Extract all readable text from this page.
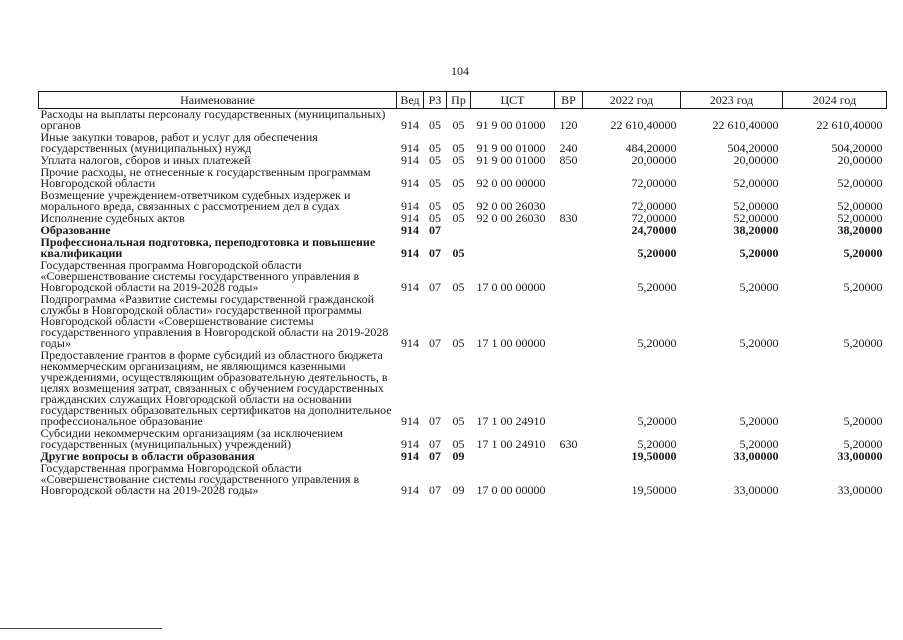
104
Наименование	Вед	РЗ	Пр	ЦСТ	ВР	2022 год	2023 год	2024 год
Расходы на выплаты персоналу государственных (муниципальных) органов	914	05	05	91 9 00 01000	120	22 610,40000	22 610,40000	22 610,40000
Иные закупки товаров, работ и услуг для обеспечения государственных (муниципальных) нужд	914	05	05	91 9 00 01000	240	484,20000	504,20000	504,20000
Уплата налогов, сборов и иных платежей	914	05	05	91 9 00 01000	850	20,00000	20,00000	20,00000
Прочие расходы, не отнесенные к государственным программам Новгородской области	914	05	05	92 0 00 00000		72,00000	52,00000	52,00000
Возмещение учреждением-ответчиком судебных издержек и морального вреда, связанных с рассмотрением дел в судах	914	05	05	92 0 00 26030		72,00000	52,00000	52,00000
Исполнение судебных актов	914	05	05	92 0 00 26030	830	72,00000	52,00000	52,00000
Образование	914	07				24,70000	38,20000	38,20000
Профессиональная подготовка, переподготовка и повышение квалификации	914	07	05			5,20000	5,20000	5,20000
Государственная программа Новгородской области «Совершенствование системы государственного управления в Новгородской области на 2019-2028 годы»	914	07	05	17 0 00 00000		5,20000	5,20000	5,20000
Подпрограмма «Развитие системы государственной гражданской службы в Новгородской области» государственной программы Новгородской области «Совершенствование системы государственного управления в Новгородской области на 2019-2028 годы»	914	07	05	17 1 00 00000		5,20000	5,20000	5,20000
Предоставление грантов в форме субсидий из областного бюджета некоммерческим организациям, не являющимся казенными учреждениями, осуществляющим образовательную деятельность, в целях возмещения затрат, связанных с обучением государственных гражданских служащих Новгородской области на основании государственных образовательных сертификатов на дополнительное профессиональное образование	914	07	05	17 1 00 24910		5,20000	5,20000	5,20000
Субсидии некоммерческим организациям (за исключением государственных (муниципальных) учреждений)	914	07	05	17 1 00 24910	630	5,20000	5,20000	5,20000
Другие вопросы в области образования	914	07	09			19,50000	33,00000	33,00000
Государственная программа Новгородской области «Совершенствование системы государственного управления в Новгородской области на 2019-2028 годы»	914	07	09	17 0 00 00000		19,50000	33,00000	33,00000
